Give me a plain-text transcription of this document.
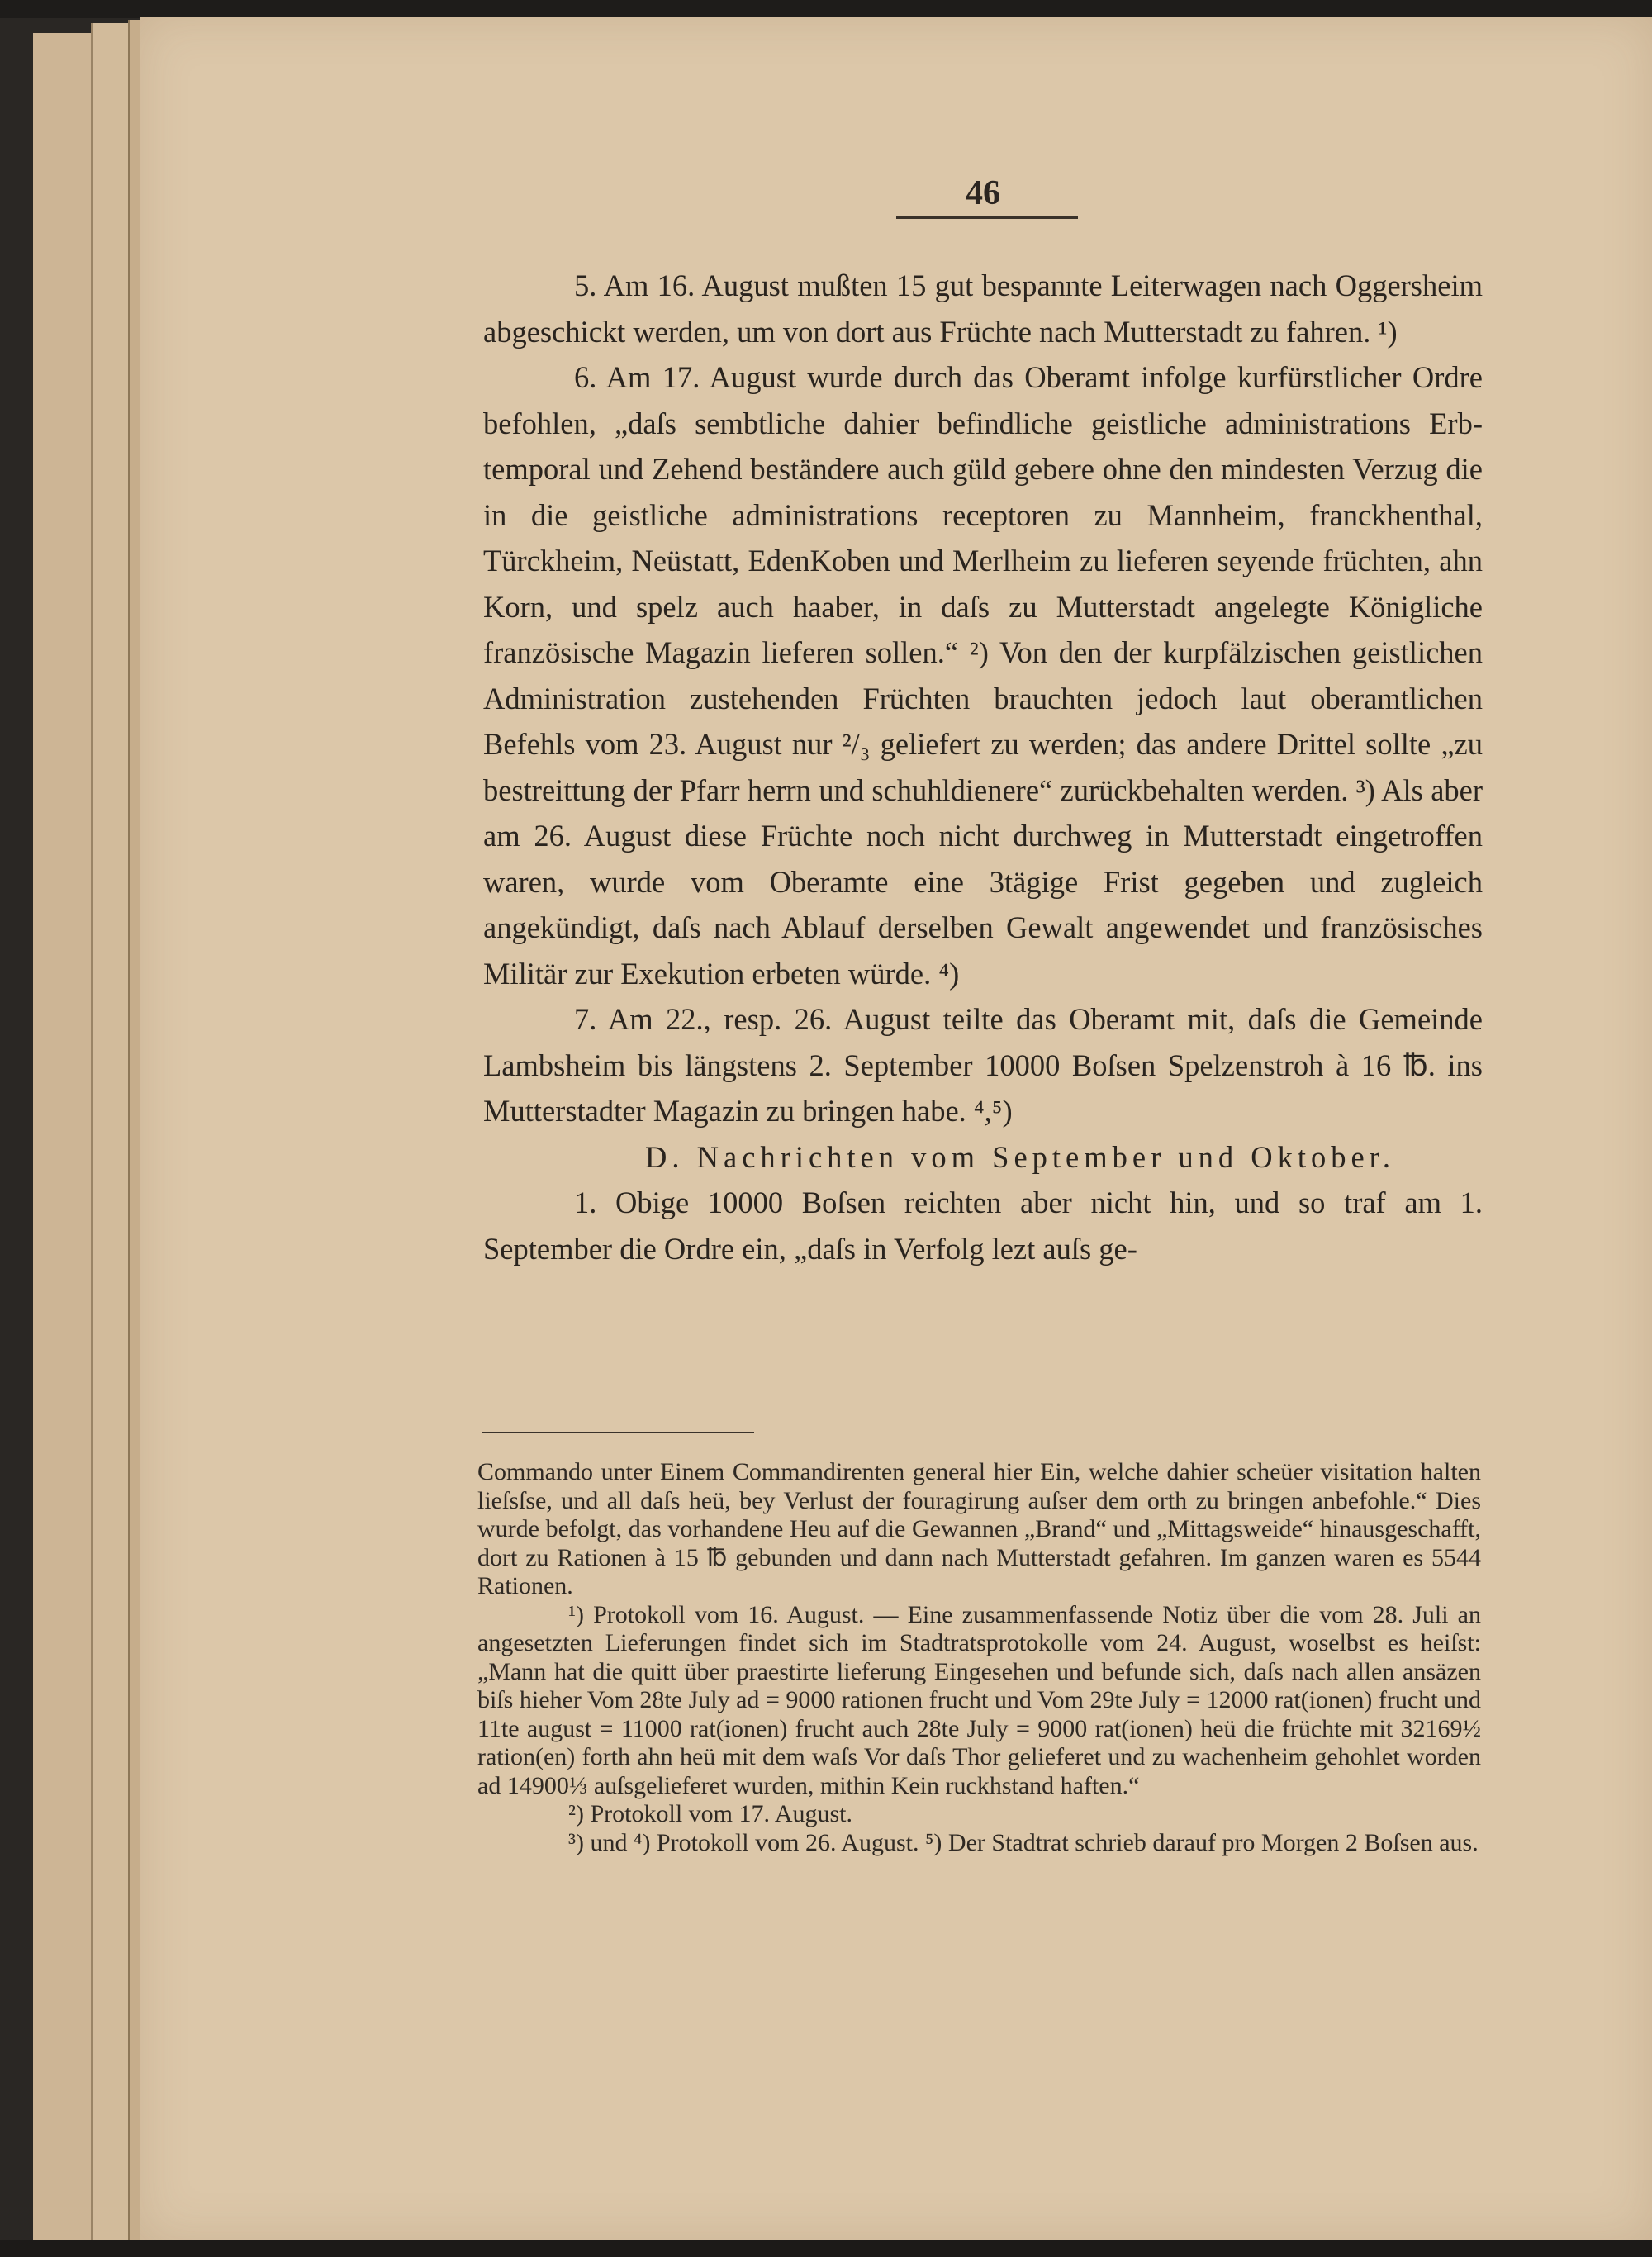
46

5. Am 16. August mußten 15 gut bespannte Leiterwagen nach Oggersheim abgeschickt werden, um von dort aus Früchte nach Mutterstadt zu fahren. ¹)

6. Am 17. August wurde durch das Oberamt infolge kurfürstlicher Ordre befohlen, „daſs sembtliche dahier befindliche geistliche administrations Erb-temporal und Zehend beständere auch güld gebere ohne den mindesten Verzug die in die geistliche administrations receptoren zu Mannheim, franckhenthal, Türckheim, Neüstatt, EdenKoben und Merlheim zu lieferen seyende früchten, ahn Korn, und spelz auch haaber, in daſs zu Mutterstadt angelegte Königliche französische Magazin lieferen sollen.“ ²) Von den der kurpfälzischen geistlichen Administration zustehenden Früchten brauchten jedoch laut oberamtlichen Befehls vom 23. August nur ²/₃ geliefert zu werden; das andere Drittel sollte „zu bestreittung der Pfarr herrn und schuhldienere“ zurückbehalten werden. ³) Als aber am 26. August diese Früchte noch nicht durchweg in Mutterstadt eingetroffen waren, wurde vom Oberamte eine 3tägige Frist gegeben und zugleich angekündigt, daſs nach Ablauf derselben Gewalt angewendet und französisches Militär zur Exekution erbeten würde. ⁴)

7. Am 22., resp. 26. August teilte das Oberamt mit, daſs die Gemeinde Lambsheim bis längstens 2. September 10000 Boſsen Spelzenstroh à 16 ℔. ins Mutterstadter Magazin zu bringen habe. ⁴,⁵)

D. Nachrichten vom September und Oktober.

1. Obige 10000 Boſsen reichten aber nicht hin, und so traf am 1. September die Ordre ein, „daſs in Verfolg lezt auſs ge-

Commando unter Einem Commandirenten general hier Ein, welche dahier scheüer visitation halten lieſsſse, und all daſs heü, bey Verlust der fouragirung auſser dem orth zu bringen anbefohle.“ Dies wurde befolgt, das vorhandene Heu auf die Gewannen „Brand“ und „Mittagsweide“ hinausgeschafft, dort zu Rationen à 15 ℔ gebunden und dann nach Mutterstadt gefahren. Im ganzen waren es 5544 Rationen.

¹) Protokoll vom 16. August. — Eine zusammenfassende Notiz über die vom 28. Juli an angesetzten Lieferungen findet sich im Stadtratsprotokolle vom 24. August, woselbst es heiſst: „Mann hat die quitt über praestirte lieferung Eingesehen und befunde sich, daſs nach allen ansäzen biſs hieher Vom 28te July ad = 9000 rationen frucht und Vom 29te July = 12000 rat(ionen) frucht und 11te august = 11000 rat(ionen) frucht auch 28te July = 9000 rat(ionen) heü die früchte mit 32169½ ration(en) forth ahn heü mit dem waſs Vor daſs Thor gelieferet und zu wachenheim gehohlet worden ad 14900⅓ auſsgelieferet wurden, mithin Kein ruckhstand haften.“

²) Protokoll vom 17. August.

³) und ⁴) Protokoll vom 26. August. ⁵) Der Stadtrat schrieb darauf pro Morgen 2 Boſsen aus.
